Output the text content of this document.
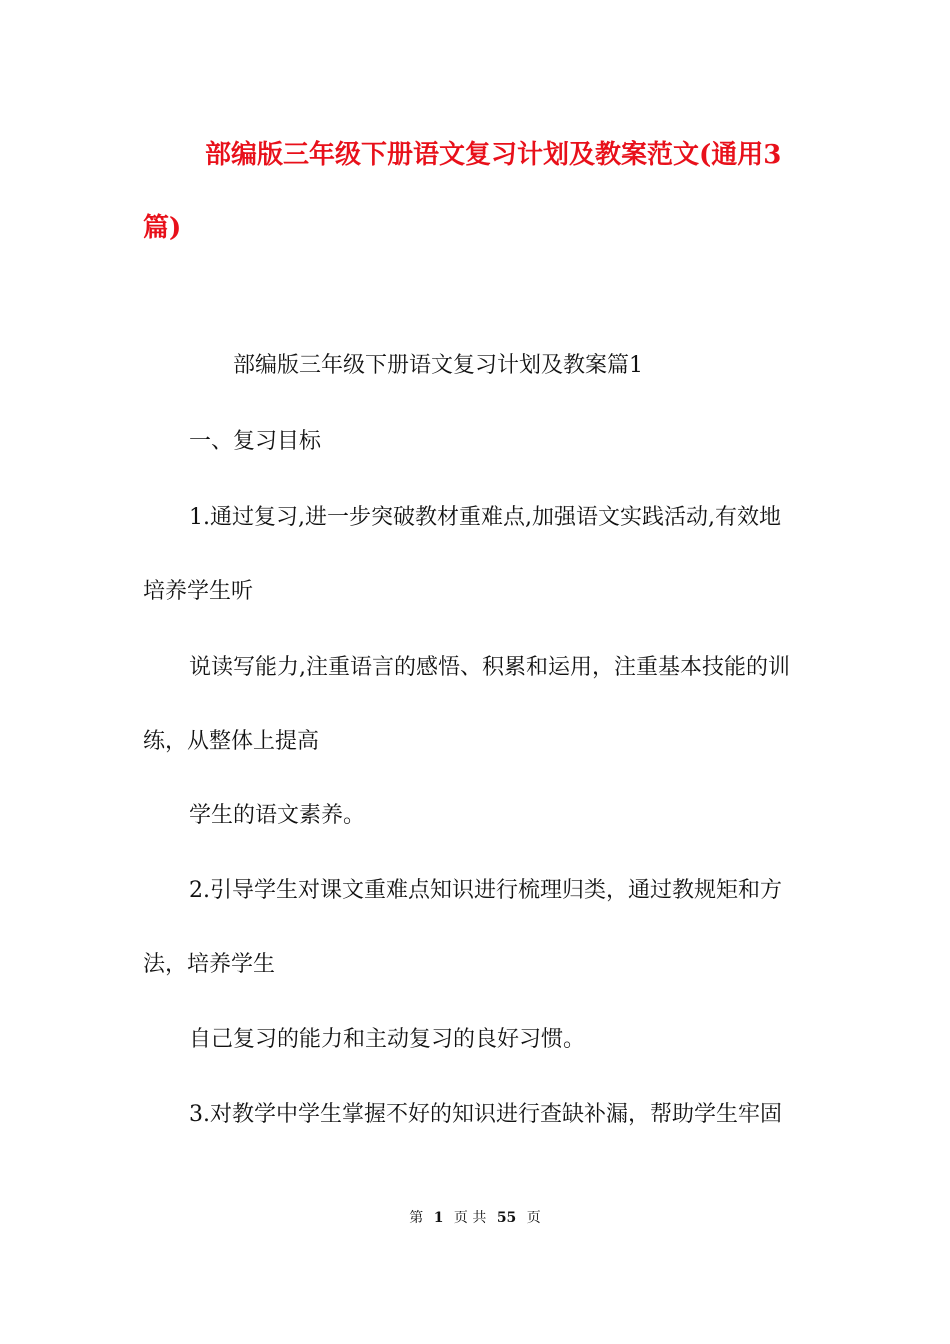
部编版三年级下册语文复习计划及教案范文(通用3
篇)
部编版三年级下册语文复习计划及教案篇1
一、复习目标
1.通过复习,进一步突破教材重难点,加强语文实践活动,有效地
培养学生听
说读写能力,注重语言的感悟、积累和运用，注重基本技能的训
练，从整体上提高
学生的语文素养。
2.引导学生对课文重难点知识进行梳理归类，通过教规矩和方
法，培养学生
自己复习的能力和主动复习的良好习惯。
3.对教学中学生掌握不好的知识进行查缺补漏，帮助学生牢固
第 1 页 共 55 页
